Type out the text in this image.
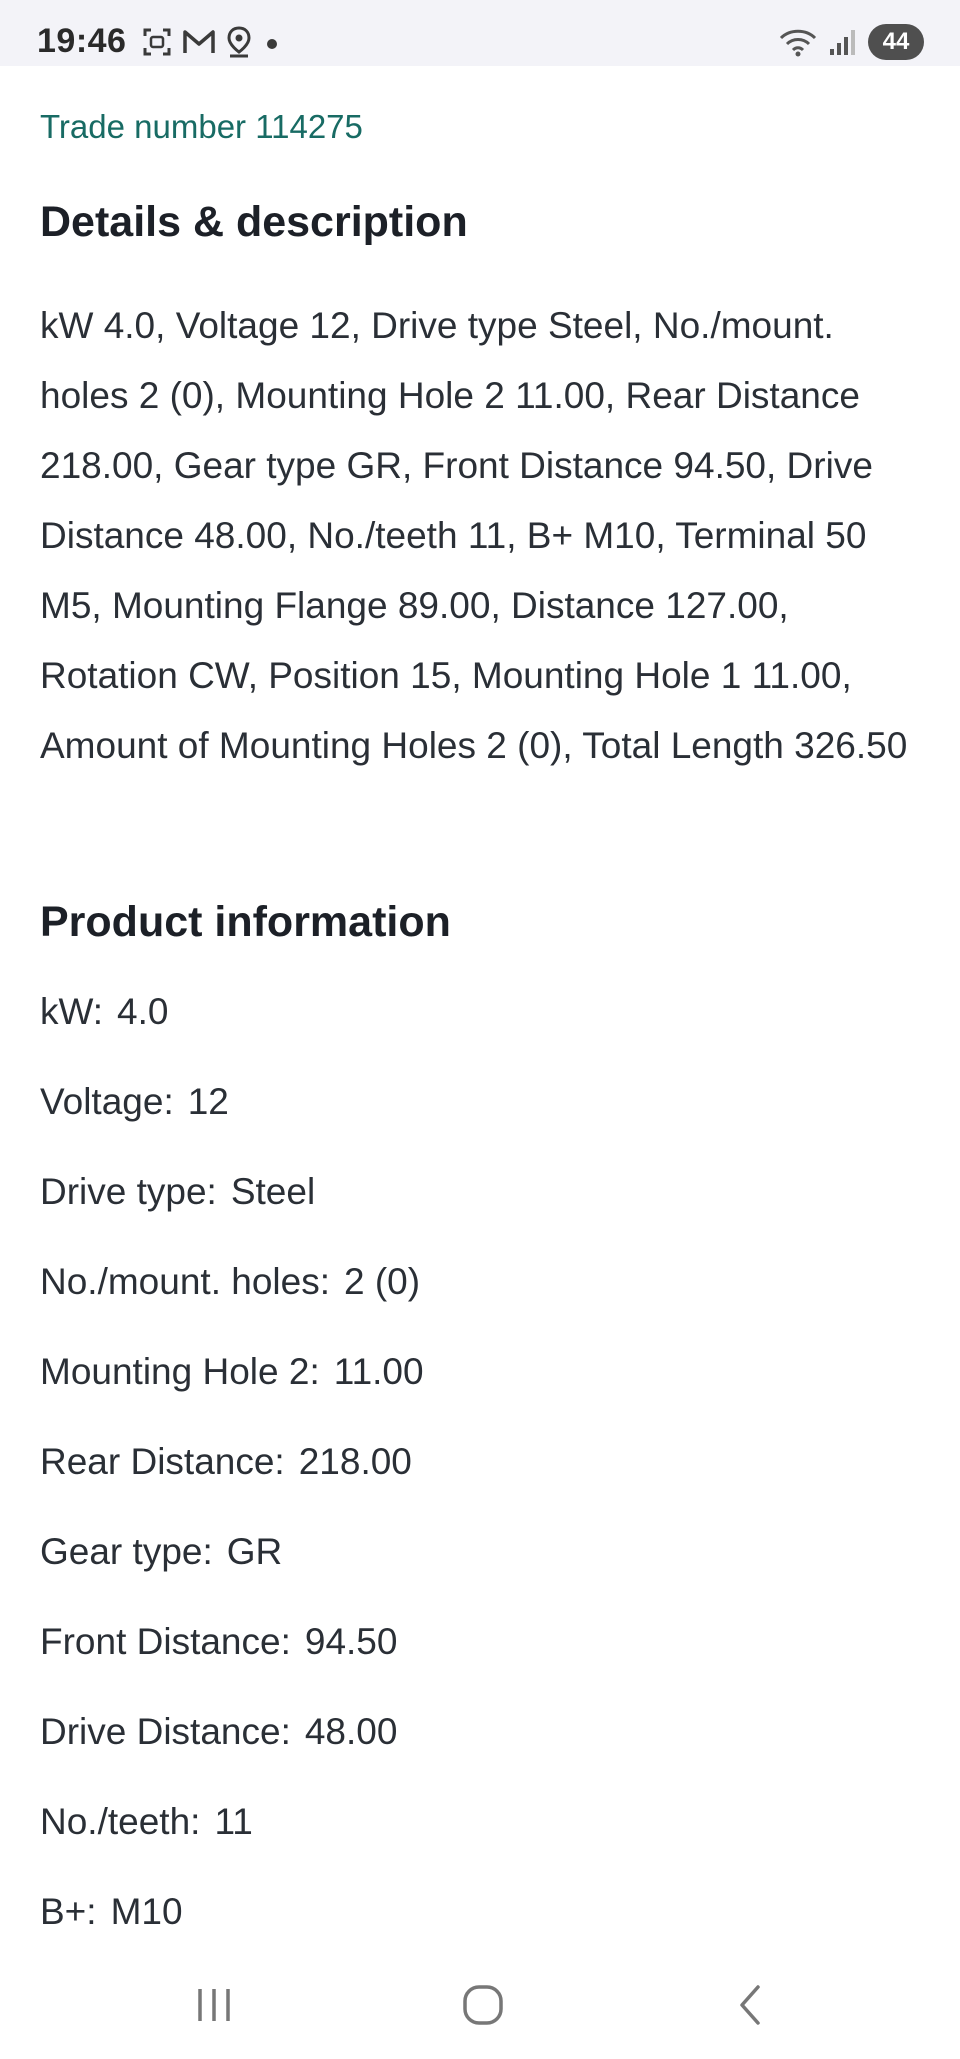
19:46	44
Trade number 114275
Details & description
kW 4.0, Voltage 12, Drive type Steel, No./mount. holes 2 (0), Mounting Hole 2 11.00, Rear Distance 218.00, Gear type GR, Front Distance 94.50, Drive Distance 48.00, No./teeth 11, B+ M10, Terminal 50 M5, Mounting Flange 89.00, Distance 127.00, Rotation CW, Position 15, Mounting Hole 1 11.00, Amount of Mounting Holes 2 (0), Total Length 326.50
Product information
kW: 4.0
Voltage: 12
Drive type: Steel
No./mount. holes: 2 (0)
Mounting Hole 2: 11.00
Rear Distance: 218.00
Gear type: GR
Front Distance: 94.50
Drive Distance: 48.00
No./teeth: 11
B+: M10
